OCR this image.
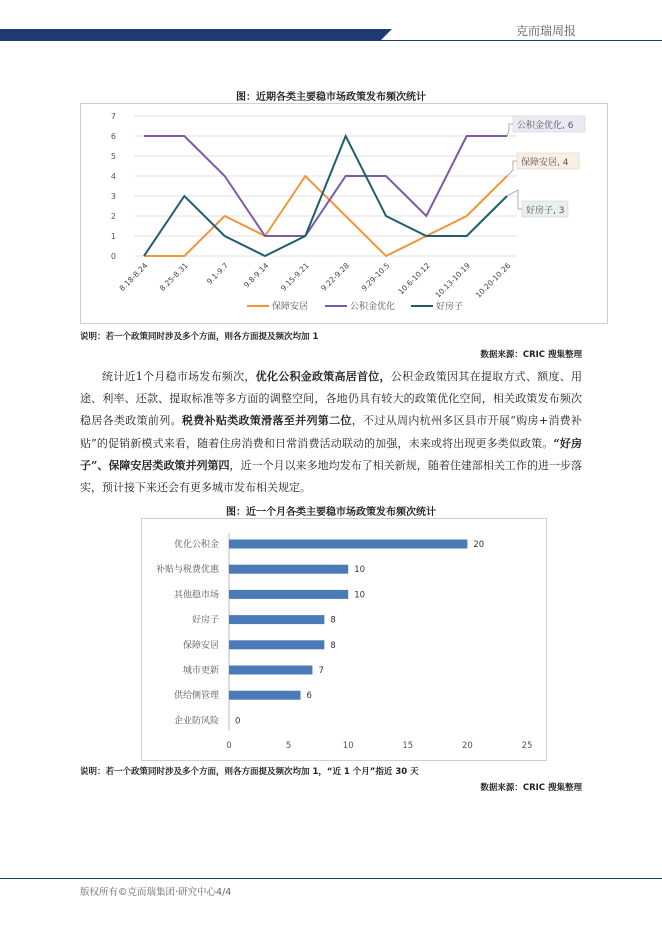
克而瑞周报
图：近期各类主要稳市场政策发布频次统计
0
1
2
3
4
5
6
7
8.18-8.24 8.25-8.31 9.1-9.7 9.8-9.14 9.15-9.21 9.22-9.28 9.29-10.5 10.6-10.12 10.13-10.19 10.20-10.26
公积金优化, 6
保障安居, 4
好房子, 3
保障安居	公积金优化	好房子
说明：若一个政策同时涉及多个方面，则各方面提及频次均加 1
数据来源：CRIC 搜集整理
统计近1个月稳市场发布频次，优化公积金政策高居首位，公积金政策因其在提取方式、额度、用途、利率、还款、提取标准等多方面的调整空间，各地仍具有较大的政策优化空间，相关政策发布频次稳居各类政策前列。税费补贴类政策滑落至并列第二位，不过从周内杭州多区县市开展“购房+消费补贴”的促销新模式来看，随着住房消费和日常消费活动联动的加强，未来或将出现更多类似政策。“好房子”、保障安居类政策并列第四，近一个月以来多地均发布了相关新规，随着住建部相关工作的进一步落实，预计接下来还会有更多城市发布相关规定。
图：近一个月各类主要稳市场政策发布频次统计
0	5	10	15	20	25
优化公积金	20
补贴与税费优惠	10
其他稳市场	10
好房子	8
保障安居	8
城市更新	7
供给侧管理	6
企业防风险 0
说明：若一个政策同时涉及多个方面，则各方面提及频次均加 1，“近 1 个月”指近 30 天
数据来源：CRIC 搜集整理
版权所有©克而瑞集团·研究中心4/4
